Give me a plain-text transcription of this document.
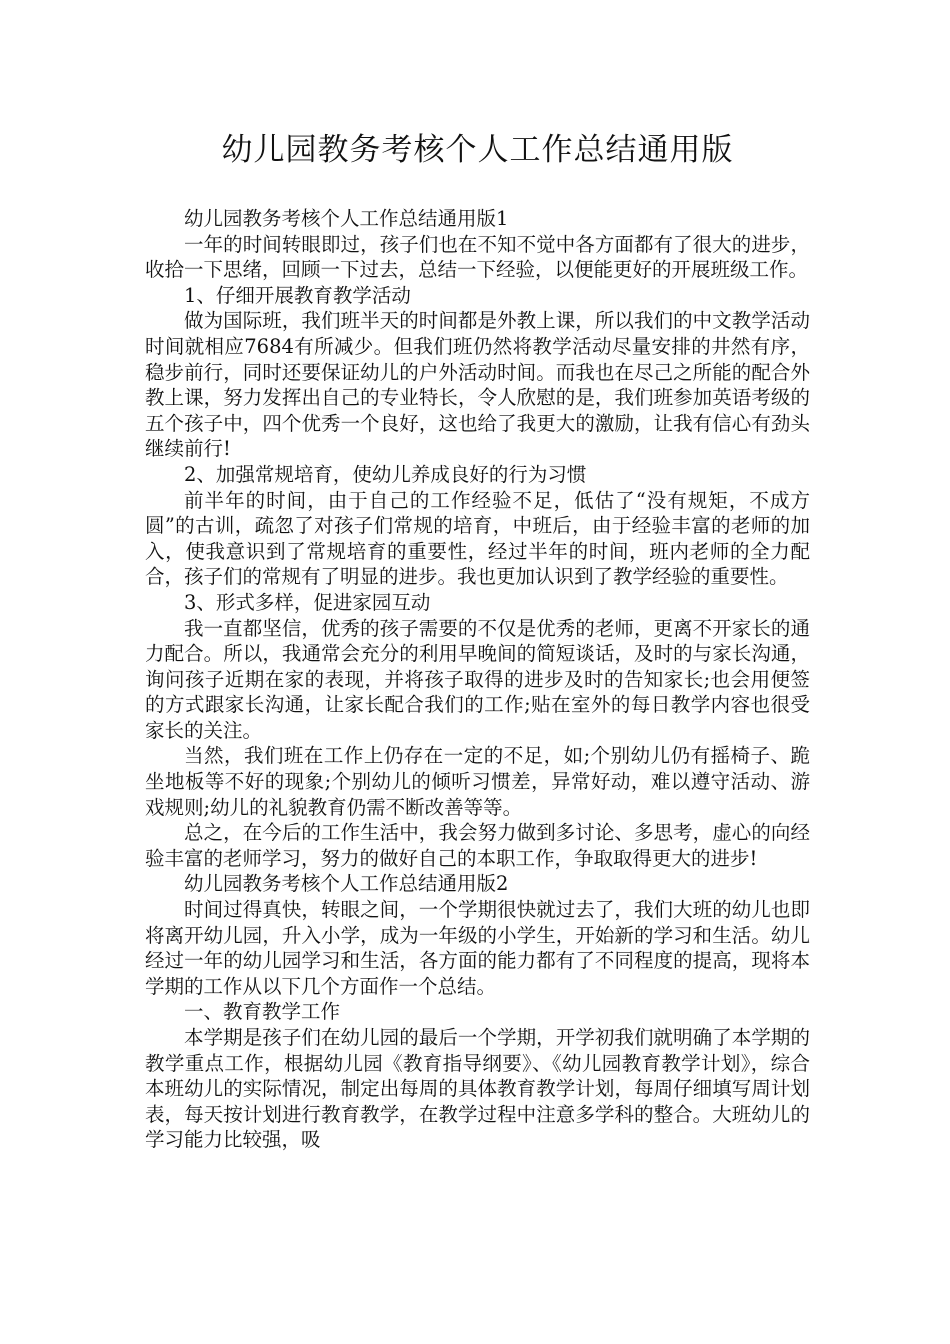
幼儿园教务考核个人工作总结通用版

幼儿园教务考核个人工作总结通用版1

一年的时间转眼即过，孩子们也在不知不觉中各方面都有了很大的进步，收拾一下思绪，回顾一下过去，总结一下经验，以便能更好的开展班级工作。

1、仔细开展教育教学活动

做为国际班，我们班半天的时间都是外教上课，所以我们的中文教学活动时间就相应7684有所减少。但我们班仍然将教学活动尽量安排的井然有序，稳步前行，同时还要保证幼儿的户外活动时间。而我也在尽己之所能的配合外教上课，努力发挥出自己的专业特长，令人欣慰的是，我们班参加英语考级的五个孩子中，四个优秀一个良好，这也给了我更大的激励，让我有信心有劲头继续前行!

2、加强常规培育，使幼儿养成良好的行为习惯

前半年的时间，由于自己的工作经验不足，低估了“没有规矩，不成方圆”的古训，疏忽了对孩子们常规的培育，中班后，由于经验丰富的老师的加入，使我意识到了常规培育的重要性，经过半年的时间，班内老师的全力配合，孩子们的常规有了明显的进步。我也更加认识到了教学经验的重要性。

3、形式多样，促进家园互动

我一直都坚信，优秀的孩子需要的不仅是优秀的老师，更离不开家长的通力配合。所以，我通常会充分的利用早晚间的简短谈话，及时的与家长沟通，询问孩子近期在家的表现，并将孩子取得的进步及时的告知家长;也会用便签的方式跟家长沟通，让家长配合我们的工作;贴在室外的每日教学内容也很受家长的关注。

当然，我们班在工作上仍存在一定的不足，如;个别幼儿仍有摇椅子、跪坐地板等不好的现象;个别幼儿的倾听习惯差，异常好动，难以遵守活动、游戏规则;幼儿的礼貌教育仍需不断改善等等。

总之，在今后的工作生活中，我会努力做到多讨论、多思考，虚心的向经验丰富的老师学习，努力的做好自己的本职工作，争取取得更大的进步!

幼儿园教务考核个人工作总结通用版2

时间过得真快，转眼之间，一个学期很快就过去了，我们大班的幼儿也即将离开幼儿园，升入小学，成为一年级的小学生，开始新的学习和生活。幼儿经过一年的幼儿园学习和生活，各方面的能力都有了不同程度的提高，现将本学期的工作从以下几个方面作一个总结。

一、教育教学工作

本学期是孩子们在幼儿园的最后一个学期，开学初我们就明确了本学期的教学重点工作，根据幼儿园《教育指导纲要》、《幼儿园教育教学计划》，综合本班幼儿的实际情况，制定出每周的具体教育教学计划，每周仔细填写周计划表，每天按计划进行教育教学，在教学过程中注意多学科的整合。大班幼儿的学习能力比较强，吸
